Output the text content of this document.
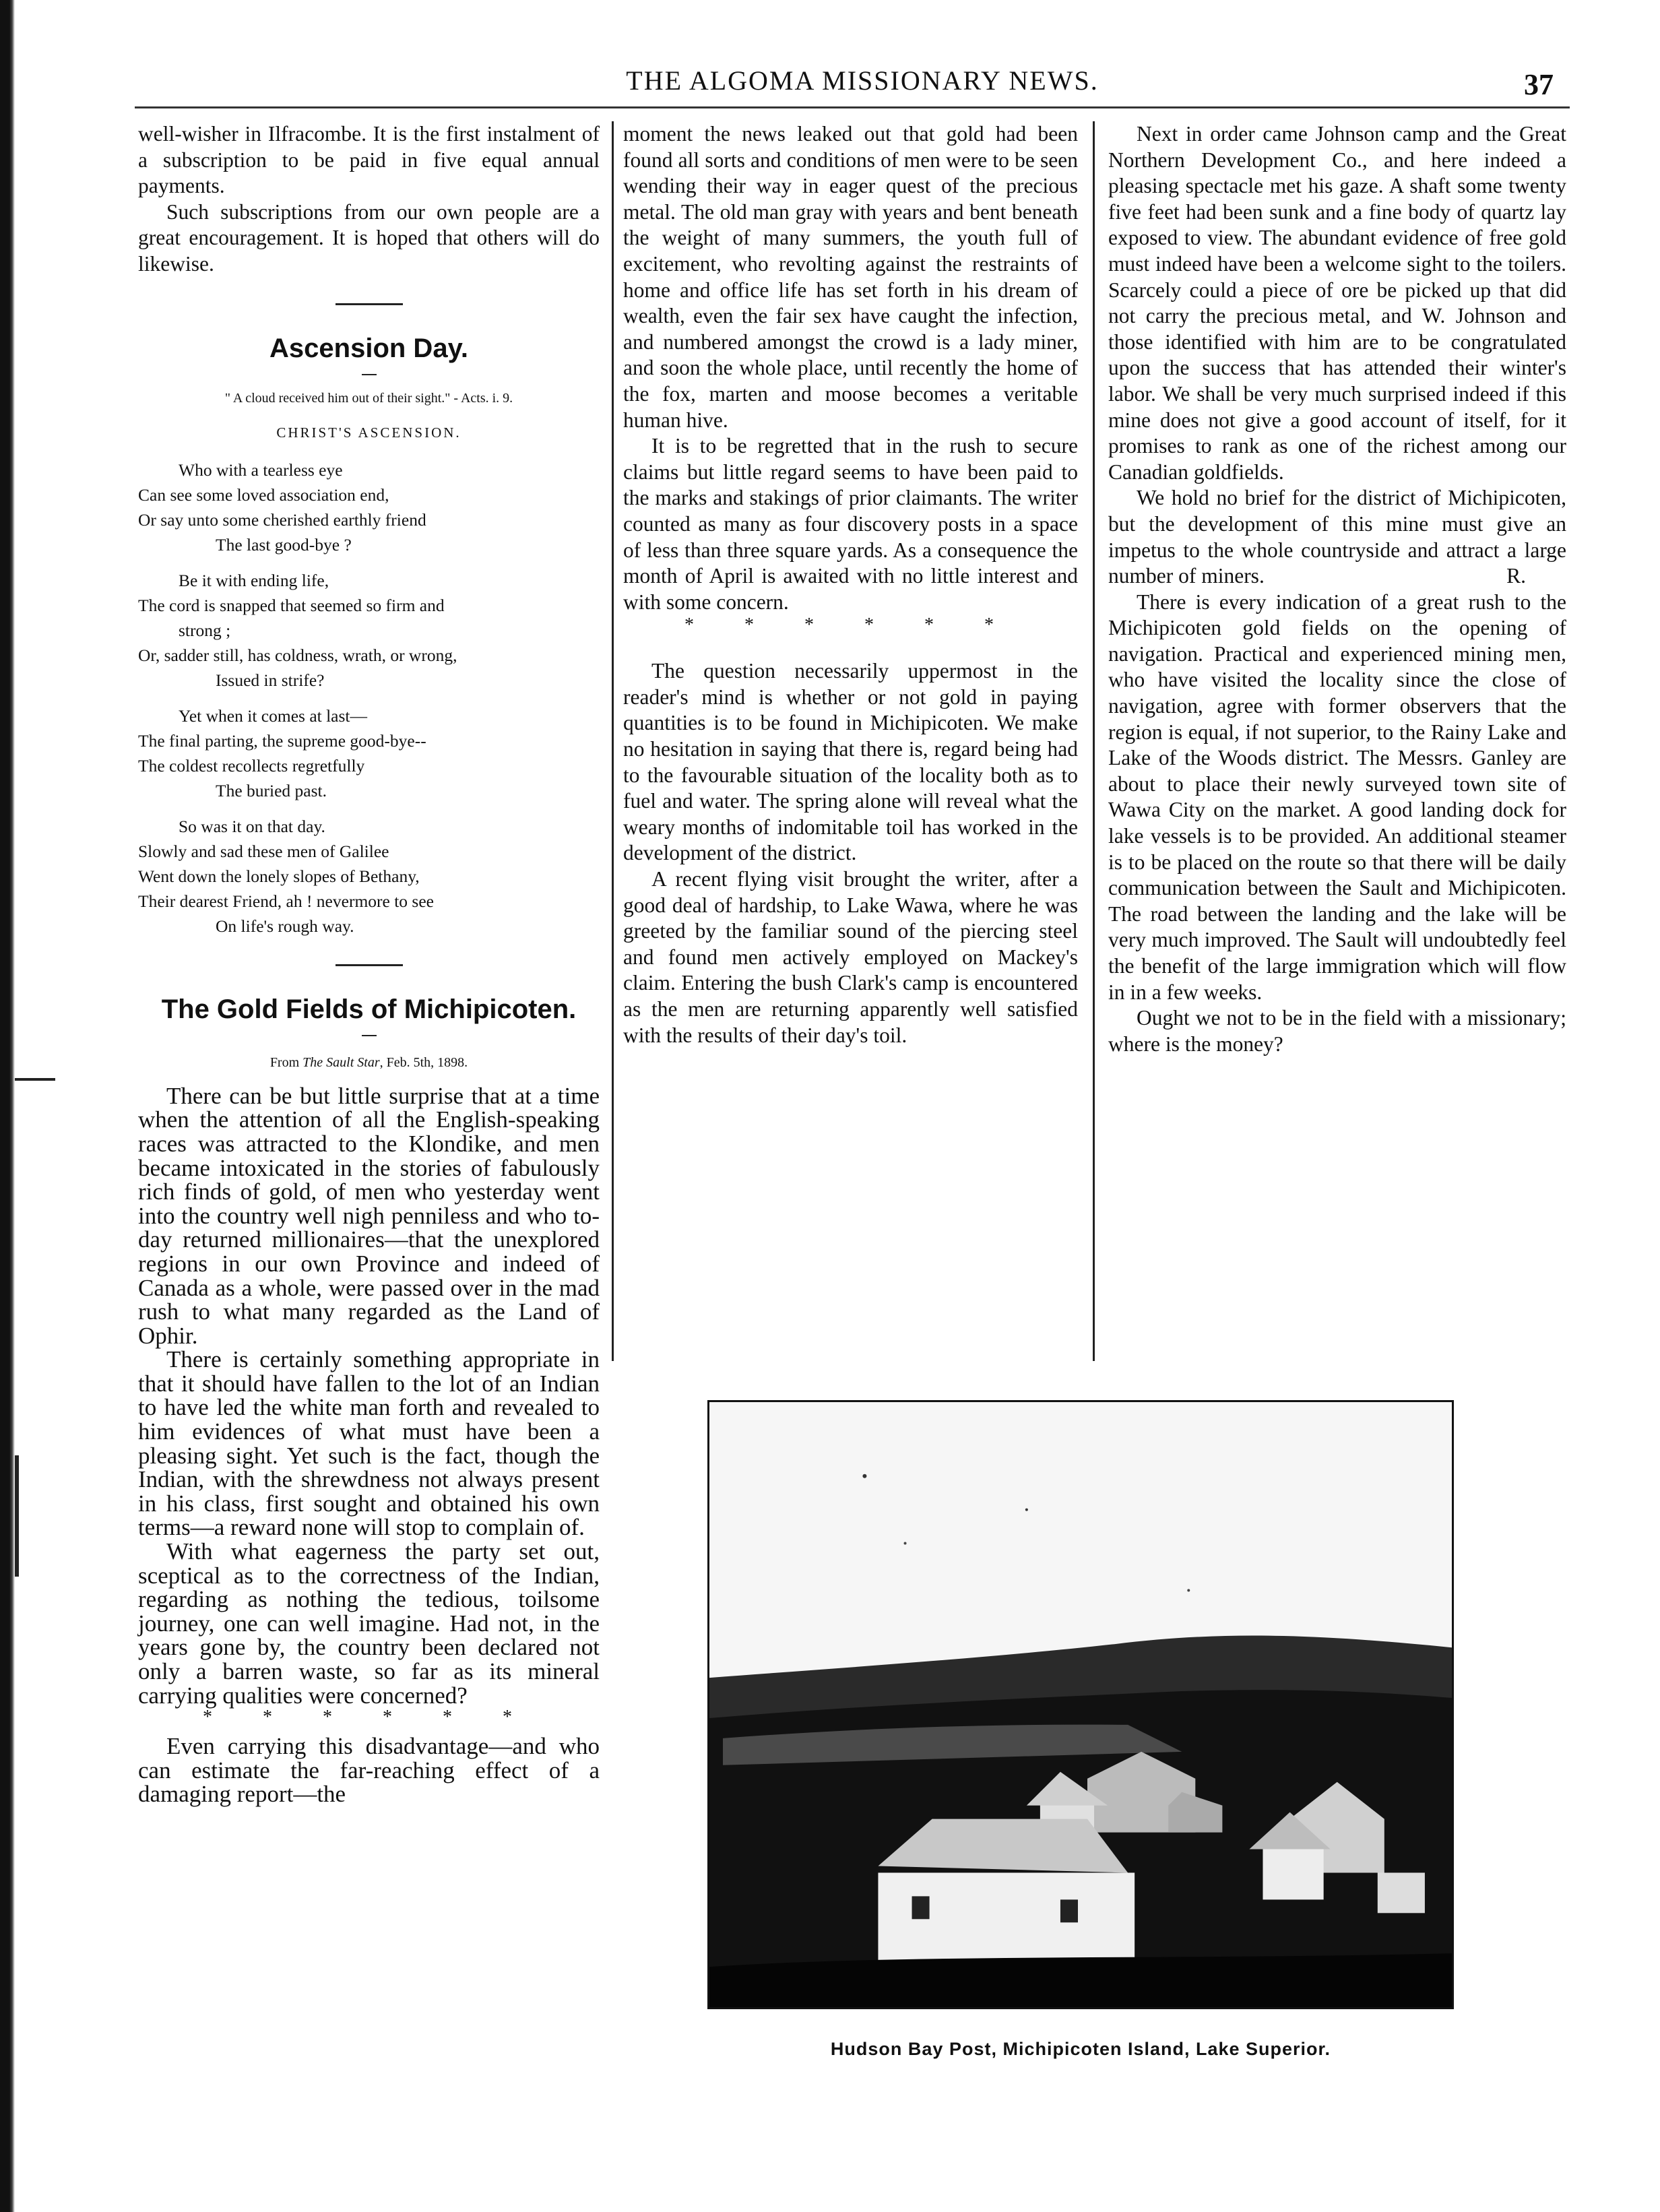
THE ALGOMA MISSIONARY NEWS.	37

well-wisher in Ilfracombe. It is the first instalment of a subscription to be paid in five equal annual payments.

Such subscriptions from our own people are a great encouragement. It is hoped that others will do likewise.

Ascension Day.
" A cloud received him out of their sight." - Acts. i. 9.
CHRIST'S ASCENSION.
Who with a tearless eye
Can see some loved association end,
Or say unto some cherished earthly friend
The last good-bye ?
Be it with ending life,
The cord is snapped that seemed so firm and
strong ;
Or, sadder still, has coldness, wrath, or wrong,
Issued in strife?
Yet when it comes at last—
The final parting, the supreme good-bye--
The coldest recollects regretfully
The buried past.
So was it on that day.
Slowly and sad these men of Galilee
Went down the lonely slopes of Bethany,
Their dearest Friend, ah ! nevermore to see
On life's rough way.
The Gold Fields of Michipicoten.
From The Sault Star, Feb. 5th, 1898.

There can be but little surprise that at a time when the attention of all the English-speaking races was attracted to the Klondike, and men became intoxicated in the stories of fabulously rich finds of gold, of men who yesterday went into the country well nigh penniless and who to-day returned millionaires—that the unexplored regions in our own Province and indeed of Canada as a whole, were passed over in the mad rush to what many regarded as the Land of Ophir.

There is certainly something appropriate in that it should have fallen to the lot of an Indian to have led the white man forth and revealed to him evidences of what must have been a pleasing sight. Yet such is the fact, though the Indian, with the shrewdness not always present in his class, first sought and obtained his own terms—a reward none will stop to complain of.

With what eagerness the party set out, sceptical as to the correctness of the Indian, regarding as nothing the tedious, toilsome journey, one can well imagine. Had not, in the years gone by, the country been declared not only a barren waste, so far as its mineral carrying qualities were concerned?

* * * * * *

Even carrying this disadvantage—and who can estimate the far-reaching effect of a damaging report—the

moment the news leaked out that gold had been found all sorts and conditions of men were to be seen wending their way in eager quest of the precious metal. The old man gray with years and bent beneath the weight of many summers, the youth full of excitement, who revolting against the restraints of home and office life has set forth in his dream of wealth, even the fair sex have caught the infection, and numbered amongst the crowd is a lady miner, and soon the whole place, until recently the home of the fox, marten and moose becomes a veritable human hive.

It is to be regretted that in the rush to secure claims but little regard seems to have been paid to the marks and stakings of prior claimants. The writer counted as many as four discovery posts in a space of less than three square yards. As a consequence the month of April is awaited with no little interest and with some concern.

* * * * * *

The question necessarily uppermost in the reader's mind is whether or not gold in paying quantities is to be found in Michipicoten. We make no hesitation in saying that there is, regard being had to the favourable situation of the locality both as to fuel and water. The spring alone will reveal what the weary months of indomitable toil has worked in the development of the district.

A recent flying visit brought the writer, after a good deal of hardship, to Lake Wawa, where he was greeted by the familiar sound of the piercing steel and found men actively employed on Mackey's claim. Entering the bush Clark's camp is encountered as the men are returning apparently well satisfied with the results of their day's toil.

Next in order came Johnson camp and the Great Northern Development Co., and here indeed a pleasing spectacle met his gaze. A shaft some twenty five feet had been sunk and a fine body of quartz lay exposed to view. The abundant evidence of free gold must indeed have been a welcome sight to the toilers. Scarcely could a piece of ore be picked up that did not carry the precious metal, and W. Johnson and those identified with him are to be congratulated upon the success that has attended their winter's labor. We shall be very much surprised indeed if this mine does not give a good account of itself, for it promises to rank as one of the richest among our Canadian goldfields.

We hold no brief for the district of Michipicoten, but the development of this mine must give an impetus to the whole countryside and attract a large number of miners.	R.

There is every indication of a great rush to the Michipicoten gold fields on the opening of navigation. Practical and experienced mining men, who have visited the locality since the close of navigation, agree with former observers that the region is equal, if not superior, to the Rainy Lake and Lake of the Woods district. The Messrs. Ganley are about to place their newly surveyed town site of Wawa City on the market. A good landing dock for lake vessels is to be provided. An additional steamer is to be placed on the route so that there will be daily communication between the Sault and Michipicoten. The road between the landing and the lake will be very much improved. The Sault will undoubtedly feel the benefit of the large immigration which will flow in in a few weeks.

Ought we not to be in the field with a missionary; where is the money?

Hudson Bay Post, Michipicoten Island, Lake Superior.
